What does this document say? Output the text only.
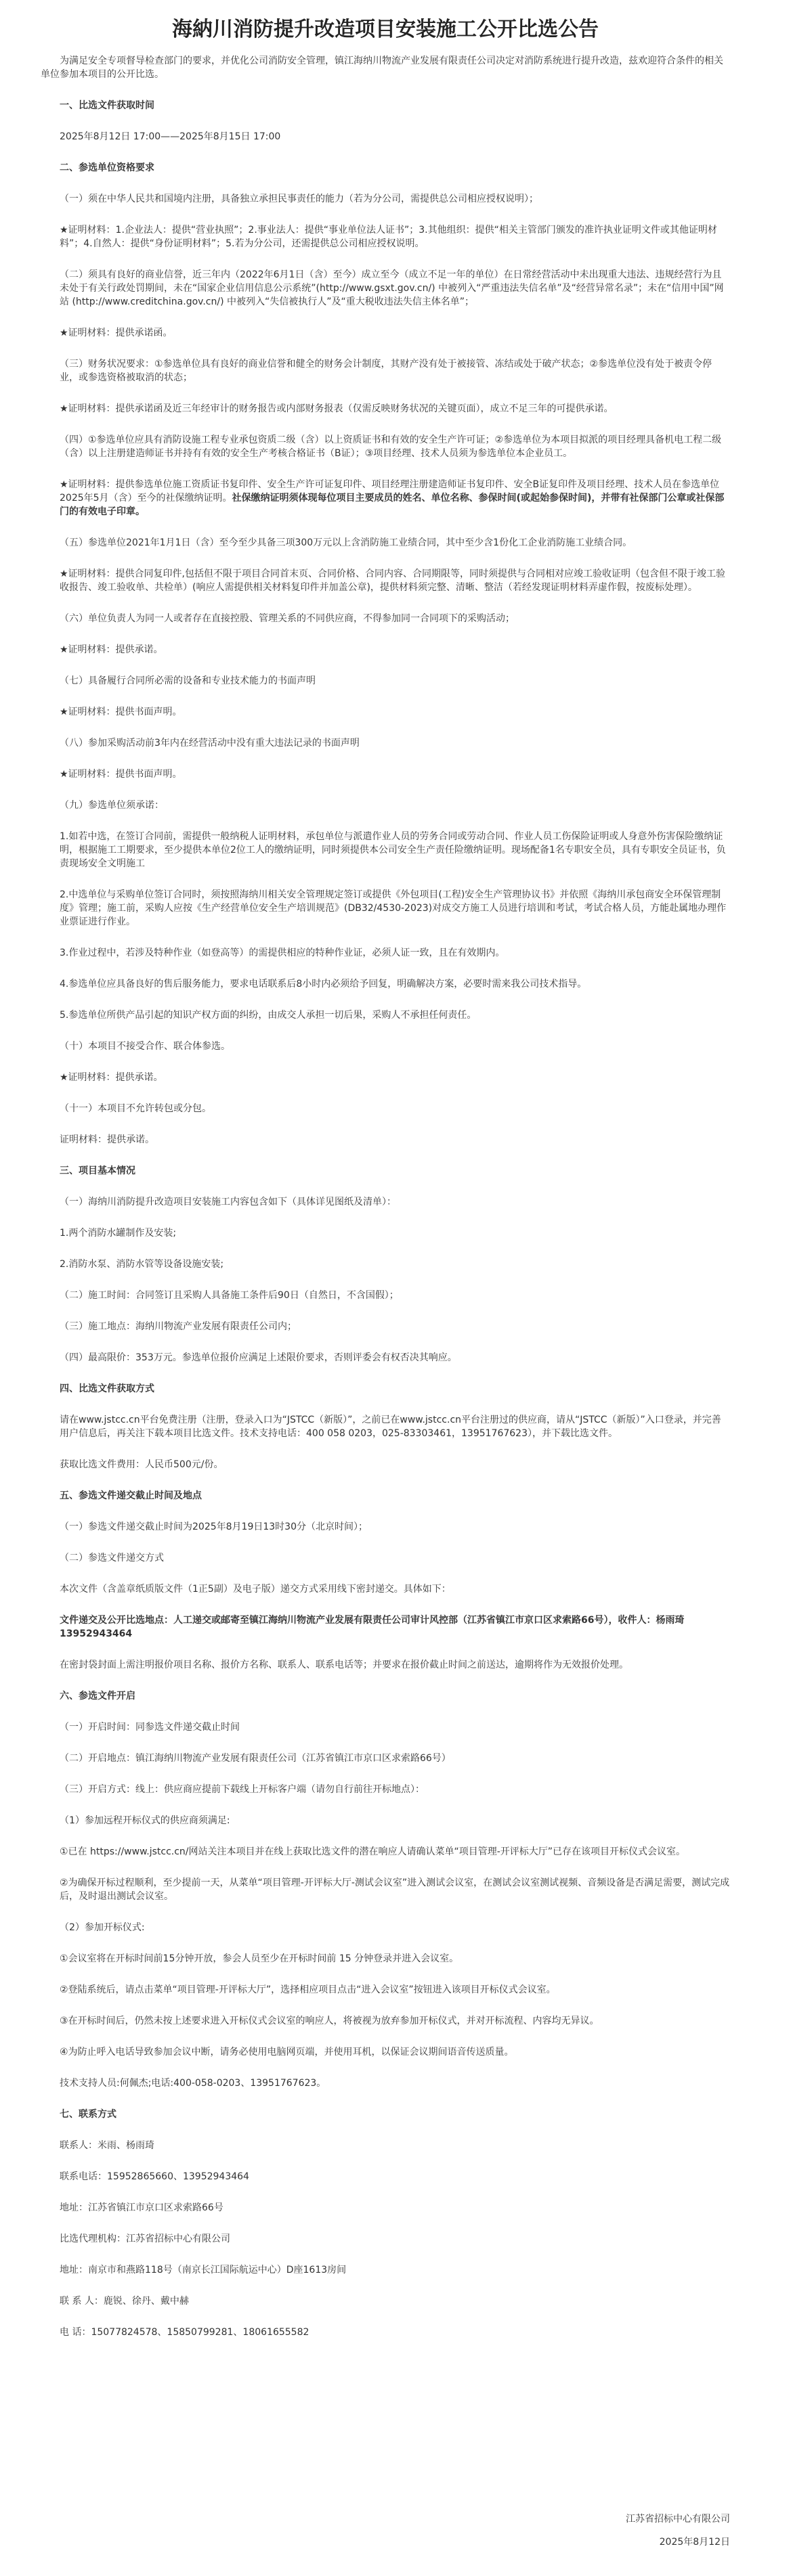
海納川消防提升改造项目安装施工公开比选公告
为满足安全专项督导检查部门的要求，并优化公司消防安全管理，镇江海纳川物流产业发展有限责任公司决定对消防系统进行提升改造，兹欢迎符合条件的相关单位参加本项目的公开比选。
一、比选文件获取时间
2025年8月12日 17:00——2025年8月15日 17:00
二、参选单位资格要求
（一）须在中华人民共和国境内注册，具备独立承担民事责任的能力（若为分公司，需提供总公司相应授权说明）；
★证明材料：1.企业法人：提供“营业执照”；2.事业法人：提供“事业单位法人证书”；3.其他组织：提供“相关主管部门颁发的准许执业证明文件或其他证明材料”；4.自然人：提供“身份证明材料”；5.若为分公司，还需提供总公司相应授权说明。
（二）须具有良好的商业信誉，近三年内（2022年6月1日（含）至今）成立至今（成立不足一年的单位）在日常经营活动中未出现重大违法、违规经营行为且未处于有关行政处罚期间，未在“国家企业信用信息公示系统”(http://www.gsxt.gov.cn/) 中被列入“严重违法失信名单”及“经营异常名录”；未在“信用中国”网站 (http://www.creditchina.gov.cn/) 中被列入“失信被执行人”及“重大税收违法失信主体名单”；
★证明材料：提供承诺函。
（三）财务状况要求：①参选单位具有良好的商业信誉和健全的财务会计制度，其财产没有处于被接管、冻结或处于破产状态；②参选单位没有处于被责令停业，或参选资格被取消的状态；
★证明材料：提供承诺函及近三年经审计的财务报告或内部财务报表（仅需反映财务状况的关键页面），成立不足三年的可提供承诺。
（四）①参选单位应具有消防设施工程专业承包资质二级（含）以上资质证书和有效的安全生产许可证；②参选单位为本项目拟派的项目经理具备机电工程二级（含）以上注册建造师证书并持有有效的安全生产考核合格证书（B证）；③项目经理、技术人员须为参选单位本企业员工。
★证明材料：提供参选单位施工资质证书复印件、安全生产许可证复印件、项目经理注册建造师证书复印件、安全B证复印件及项目经理、技术人员在参选单位2025年5月（含）至今的社保缴纳证明。社保缴纳证明须体现每位项目主要成员的姓名、单位名称、参保时间(或起始参保时间)，并带有社保部门公章或社保部门的有效电子印章。
（五）参选单位2021年1月1日（含）至今至少具备三项300万元以上含消防施工业绩合同，其中至少含1份化工企业消防施工业绩合同。
★证明材料：提供合同复印件,包括但不限于项目合同首末页、合同价格、合同内容、合同期限等，同时须提供与合同相对应竣工验收证明（包含但不限于竣工验收报告、竣工验收单、共检单）(响应人需提供相关材料复印件并加盖公章)，提供材料须完整、清晰、整洁（若经发现证明材料弄虚作假，按废标处理）。
（六）单位负责人为同一人或者存在直接控股、管理关系的不同供应商，不得参加同一合同项下的采购活动；
★证明材料：提供承诺。
（七）具备履行合同所必需的设备和专业技术能力的书面声明
★证明材料：提供书面声明。
（八）参加采购活动前3年内在经营活动中没有重大违法记录的书面声明
★证明材料：提供书面声明。
（九）参选单位须承诺：
1.如若中选，在签订合同前，需提供一般纳税人证明材料，承包单位与派遣作业人员的劳务合同或劳动合同、作业人员工伤保险证明或人身意外伤害保险缴纳证明，根据施工工期要求，至少提供本单位2位工人的缴纳证明，同时须提供本公司安全生产责任险缴纳证明。现场配备1名专职安全员，具有专职安全员证书，负责现场安全文明施工
2.中选单位与采购单位签订合同时，须按照海纳川相关安全管理规定签订或提供《外包项目(工程)安全生产管理协议书》并依照《海纳川承包商安全环保管理制度》管理；施工前，采购人应按《生产经营单位安全生产培训规范》(DB32/4530-2023)对成交方施工人员进行培训和考试，考试合格人员，方能赴属地办理作业票证进行作业。
3.作业过程中，若涉及特种作业（如登高等）的需提供相应的特种作业证，必须人证一致，且在有效期内。
4.参选单位应具备良好的售后服务能力，要求电话联系后8小时内必须给予回复，明确解决方案，必要时需来我公司技术指导。
5.参选单位所供产品引起的知识产权方面的纠纷，由成交人承担一切后果，采购人不承担任何责任。
（十）本项目不接受合作、联合体参选。
★证明材料：提供承诺。
（十一）本项目不允许转包或分包。
证明材料：提供承诺。
三、项目基本情况
（一）海纳川消防提升改造项目安装施工内容包含如下（具体详见图纸及清单）：
1.两个消防水罐制作及安装;
2.消防水泵、消防水管等设备设施安装;
（二）施工时间：合同签订且采购人具备施工条件后90日（自然日，不含国假）；
（三）施工地点：海纳川物流产业发展有限责任公司内；
（四）最高限价：353万元。参选单位报价应满足上述限价要求，否则评委会有权否决其响应。
四、比选文件获取方式
请在www.jstcc.cn平台免费注册（注册，登录入口为“JSTCC（新版）”，之前已在www.jstcc.cn平台注册过的供应商，请从“JSTCC（新版）”入口登录，并完善用户信息后，再关注下载本项目比选文件。技术支持电话：400 058 0203，025-83303461，13951767623），并下载比选文件。
获取比选文件费用：人民币500元/份。
五、参选文件递交截止时间及地点
（一）参选文件递交截止时间为2025年8月19日13时30分（北京时间）；
（二）参选文件递交方式
本次文件（含盖章纸质版文件（1正5副）及电子版）递交方式采用线下密封递交。具体如下：
文件递交及公开比选地点：人工递交或邮寄至镇江海纳川物流产业发展有限责任公司审计风控部（江苏省镇江市京口区求索路66号），收件人：杨雨琦13952943464
在密封袋封面上需注明报价项目名称、报价方名称、联系人、联系电话等；并要求在报价截止时间之前送达，逾期将作为无效报价处理。
六、参选文件开启
（一）开启时间：同参选文件递交截止时间
（二）开启地点：镇江海纳川物流产业发展有限责任公司（江苏省镇江市京口区求索路66号）
（三）开启方式：线上：供应商应提前下载线上开标客户端（请勿自行前往开标地点）：
（1）参加远程开标仪式的供应商须满足:
①已在 https://www.jstcc.cn/网站关注本项目并在线上获取比选文件的潜在响应人请确认菜单“项目管理-开评标大厅”已存在该项目开标仪式会议室。
②为确保开标过程顺利，至少提前一天，从菜单“项目管理-开评标大厅-测试会议室”进入测试会议室，在测试会议室测试视频、音频设备是否满足需要，测试完成后，及时退出测试会议室。
（2）参加开标仪式:
①会议室将在开标时间前15分钟开放，参会人员至少在开标时间前 15 分钟登录并进入会议室。
②登陆系统后，请点击菜单“项目管理-开评标大厅”，选择相应项目点击“进入会议室”按钮进入该项目开标仪式会议室。
③在开标时间后，仍然未按上述要求进入开标仪式会议室的响应人，将被视为放弃参加开标仪式，并对开标流程、内容均无异议。
④为防止呼入电话导致参加会议中断，请务必使用电脑网页端，并使用耳机，以保证会议期间语音传送质量。
技术支持人员:何佩杰;电话:400-058-0203、13951767623。
七、联系方式
联系人：米雨、杨雨琦
联系电话：15952865660、13952943464
地址：江苏省镇江市京口区求索路66号
比选代理机构：江苏省招标中心有限公司
地址：南京市和燕路118号（南京长江国际航运中心）D座1613房间
联 系 人：鹿锐、徐丹、戴中赫
电 话：15077824578、15850799281、18061655582
江苏省招标中心有限公司
2025年8月12日
